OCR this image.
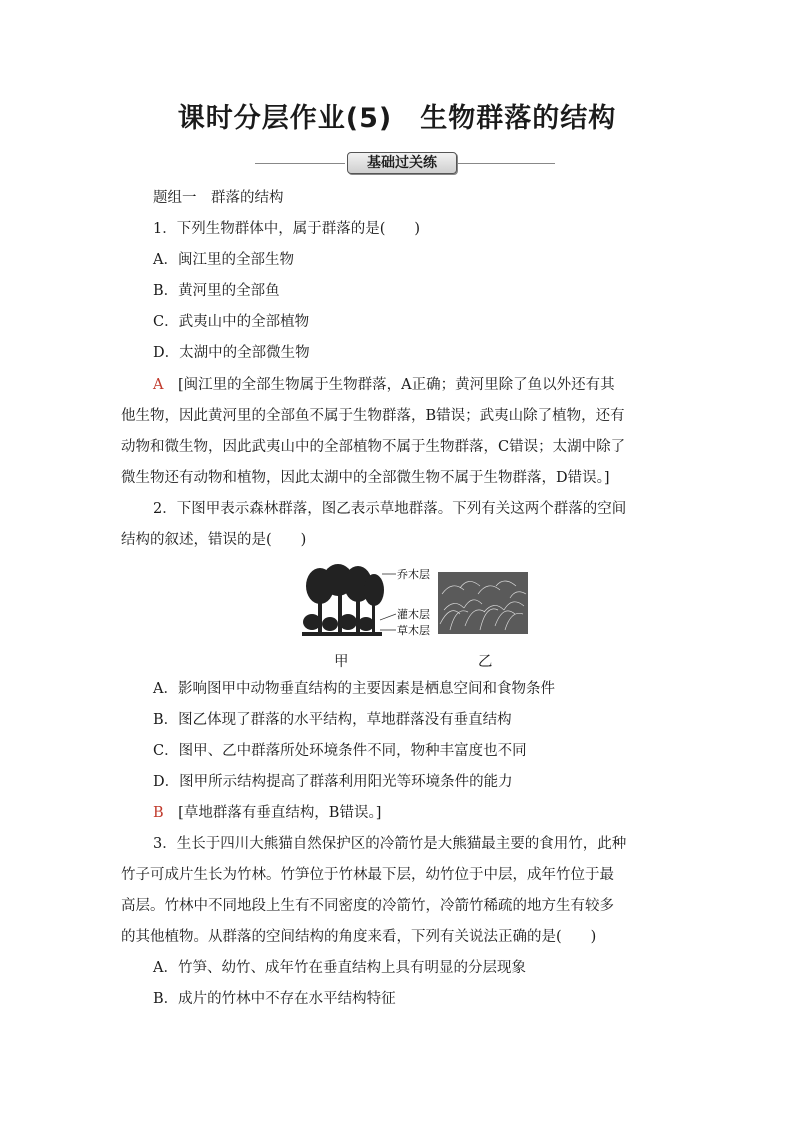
课时分层作业(5)　生物群落的结构
基础过关练
题组一　群落的结构
1．下列生物群体中，属于群落的是(　　)
A．闽江里的全部生物
B．黄河里的全部鱼
C．武夷山中的全部植物
D．太湖中的全部微生物
A　 [闽江里的全部生物属于生物群落，A正确；黄河里除了鱼以外还有其
他生物，因此黄河里的全部鱼不属于生物群落，B错误；武夷山除了植物，还有
动物和微生物，因此武夷山中的全部植物不属于生物群落，C错误；太湖中除了
微生物还有动物和植物，因此太湖中的全部微生物不属于生物群落，D错误。]
2．下图甲表示森林群落，图乙表示草地群落。下列有关这两个群落的空间
结构的叙述，错误的是(　　)
乔木层
灌木层
草木层
甲	乙
A．影响图甲中动物垂直结构的主要因素是栖息空间和食物条件
B．图乙体现了群落的水平结构，草地群落没有垂直结构
C．图甲、乙中群落所处环境条件不同，物种丰富度也不同
D．图甲所示结构提高了群落利用阳光等环境条件的能力
B　 [草地群落有垂直结构，B错误。]
3．生长于四川大熊猫自然保护区的冷箭竹是大熊猫最主要的食用竹，此种
竹子可成片生长为竹林。竹笋位于竹林最下层，幼竹位于中层，成年竹位于最
高层。竹林中不同地段上生有不同密度的冷箭竹，冷箭竹稀疏的地方生有较多
的其他植物。从群落的空间结构的角度来看，下列有关说法正确的是(　　)
A．竹笋、幼竹、成年竹在垂直结构上具有明显的分层现象
B．成片的竹林中不存在水平结构特征
